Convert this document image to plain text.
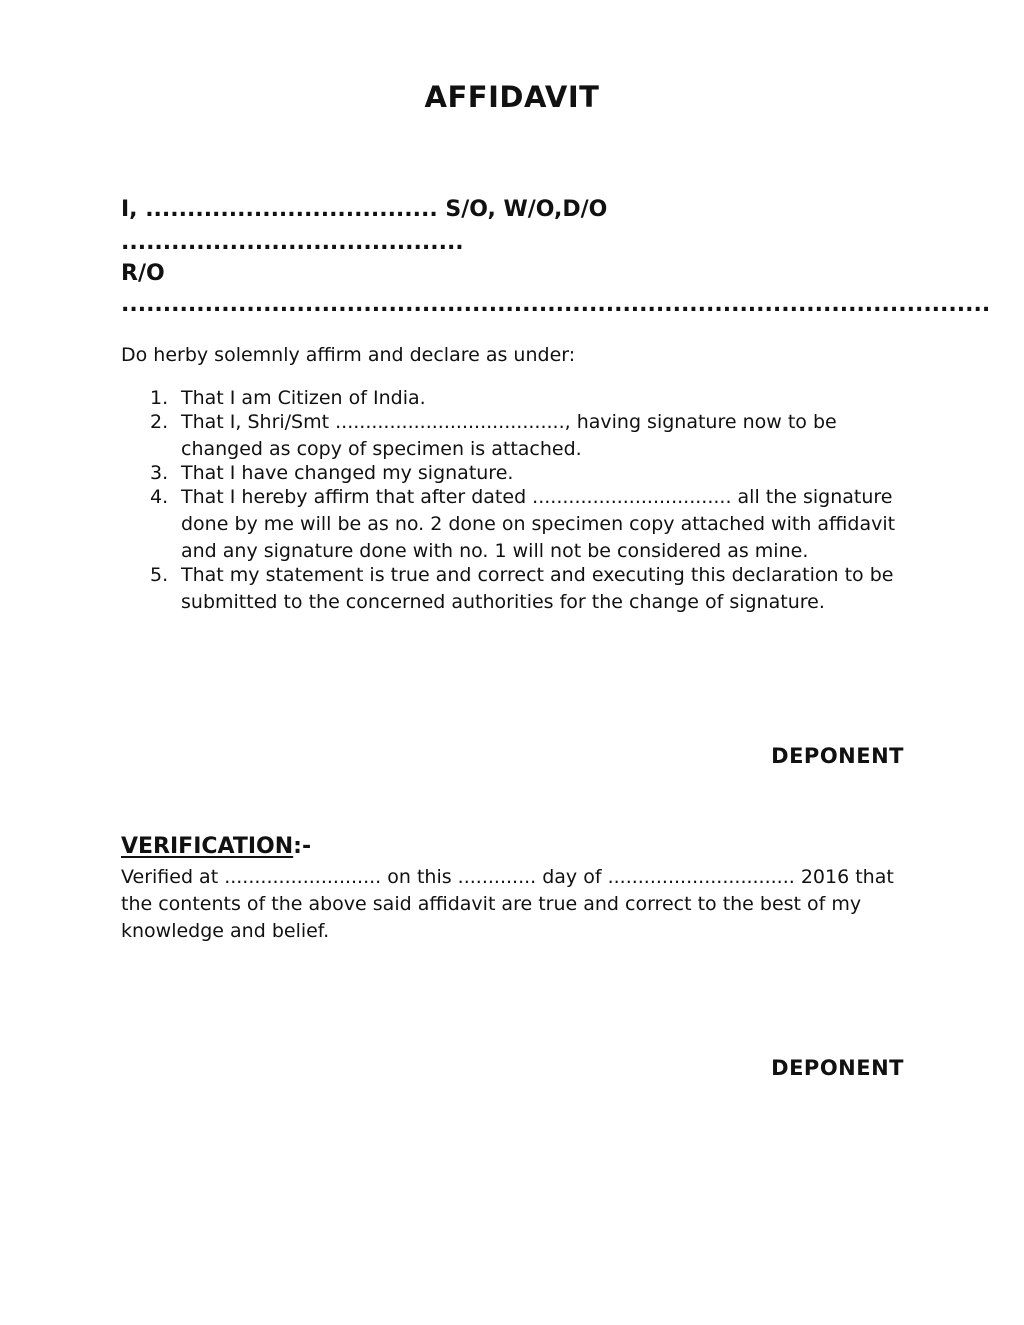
AFFIDAVIT

I, ................................... S/O, W/O,D/O

.........................................

R/O

........................................................................................................

Do herby solemnly affirm and declare as under:

1. That I am Citizen of India.
2. That I, Shri/Smt ......................................, having signature now to be changed as copy of specimen is attached.
3. That I have changed my signature.
4. That I hereby affirm that after dated ................................. all the signature done by me will be as no. 2 done on specimen copy attached with affidavit and any signature done with no. 1 will not be considered as mine.
5. That my statement is true and correct and executing this declaration to be submitted to the concerned authorities for the change of signature.

DEPONENT

VERIFICATION:-

Verified at .......................... on this ............. day of ............................... 2016 that the contents of the above said affidavit are true and correct to the best of my knowledge and belief.

DEPONENT
